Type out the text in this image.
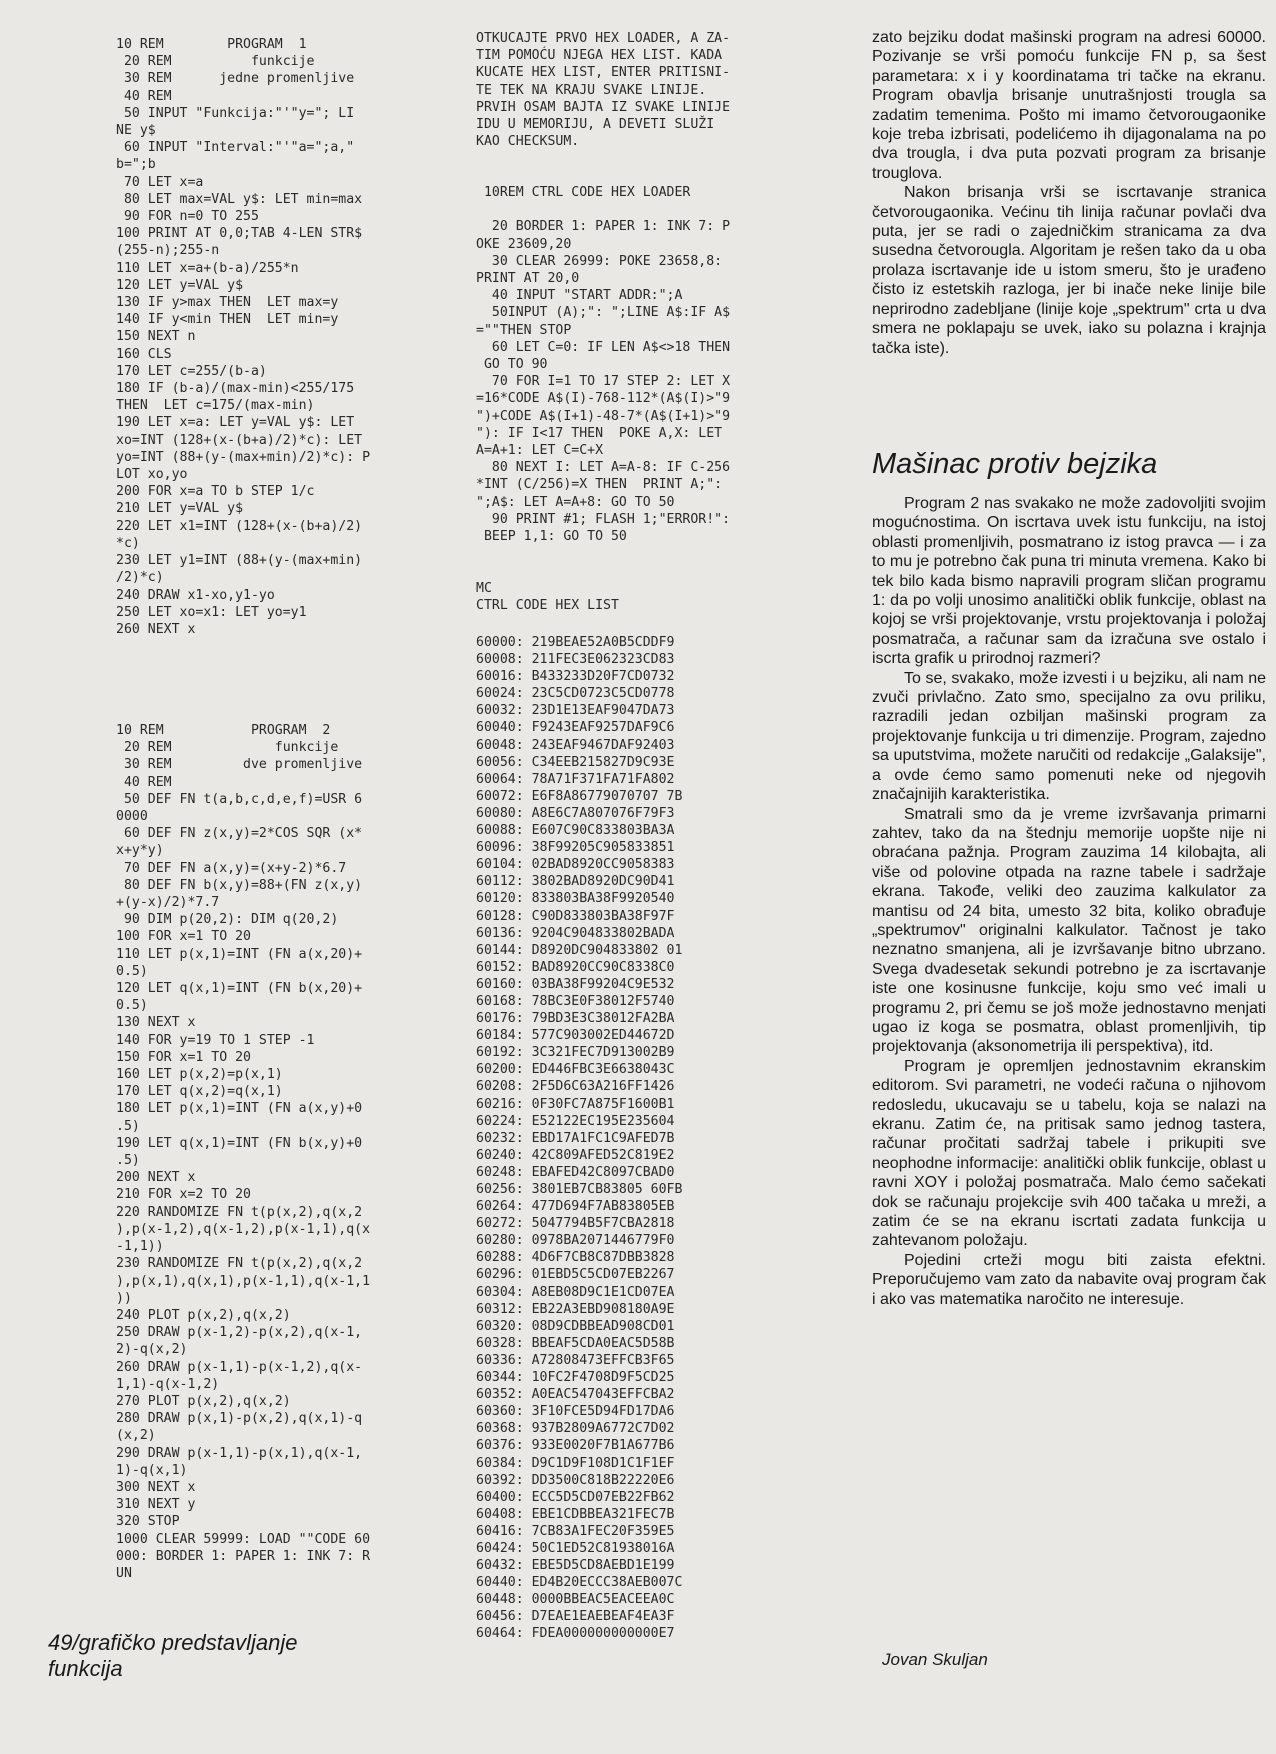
10 REM        PROGRAM  1
20 REM          funkcije
30 REM      jedne promenljive
40 REM
50 INPUT "Funkcija:"'"y="; LI
NE y$
60 INPUT "Interval:"'"a=";a,"
b=";b
70 LET x=a
80 LET max=VAL y$: LET min=max
90 FOR n=0 TO 255
100 PRINT AT 0,0;TAB 4-LEN STR$
(255-n);255-n
110 LET x=a+(b-a)/255*n
120 LET y=VAL y$
130 IF y>max THEN  LET max=y
140 IF y<min THEN  LET min=y
150 NEXT n
160 CLS
170 LET c=255/(b-a)
180 IF (b-a)/(max-min)<255/175
THEN  LET c=175/(max-min)
190 LET x=a: LET y=VAL y$: LET
xo=INT (128+(x-(b+a)/2)*c): LET
yo=INT (88+(y-(max+min)/2)*c): P
LOT xo,yo
200 FOR x=a TO b STEP 1/c
210 LET y=VAL y$
220 LET x1=INT (128+(x-(b+a)/2)
*c)
230 LET y1=INT (88+(y-(max+min)
/2)*c)
240 DRAW x1-xo,y1-yo
250 LET xo=x1: LET yo=y1
260 NEXT x
10 REM           PROGRAM  2
20 REM             funkcije
30 REM         dve promenljive
40 REM
50 DEF FN t(a,b,c,d,e,f)=USR 6
0000
60 DEF FN z(x,y)=2*COS SQR (x*
x+y*y)
70 DEF FN a(x,y)=(x+y-2)*6.7
80 DEF FN b(x,y)=88+(FN z(x,y)
+(y-x)/2)*7.7
90 DIM p(20,2): DIM q(20,2)
100 FOR x=1 TO 20
110 LET p(x,1)=INT (FN a(x,20)+
0.5)
120 LET q(x,1)=INT (FN b(x,20)+
0.5)
130 NEXT x
140 FOR y=19 TO 1 STEP -1
150 FOR x=1 TO 20
160 LET p(x,2)=p(x,1)
170 LET q(x,2)=q(x,1)
180 LET p(x,1)=INT (FN a(x,y)+0
.5)
190 LET q(x,1)=INT (FN b(x,y)+0
.5)
200 NEXT x
210 FOR x=2 TO 20
220 RANDOMIZE FN t(p(x,2),q(x,2
),p(x-1,2),q(x-1,2),p(x-1,1),q(x
-1,1))
230 RANDOMIZE FN t(p(x,2),q(x,2
),p(x,1),q(x,1),p(x-1,1),q(x-1,1
))
240 PLOT p(x,2),q(x,2)
250 DRAW p(x-1,2)-p(x,2),q(x-1,
2)-q(x,2)
260 DRAW p(x-1,1)-p(x-1,2),q(x-
1,1)-q(x-1,2)
270 PLOT p(x,2),q(x,2)
280 DRAW p(x,1)-p(x,2),q(x,1)-q
(x,2)
290 DRAW p(x-1,1)-p(x,1),q(x-1,
1)-q(x,1)
300 NEXT x
310 NEXT y
320 STOP
1000 CLEAR 59999: LOAD ""CODE 60
000: BORDER 1: PAPER 1: INK 7: R
UN
49/grafičko predstavljanje
funkcija
OTKUCAJTE PRVO HEX LOADER, A ZA-
TIM POMOĆU NJEGA HEX LIST. KADA
KUCATE HEX LIST, ENTER PRITISNI-
TE TEK NA KRAJU SVAKE LINIJE.
PRVIH OSAM BAJTA IZ SVAKE LINIJE
IDU U MEMORIJU, A DEVETI SLUŽI
KAO CHECKSUM.
10REM CTRL CODE HEX LOADER

20 BORDER 1: PAPER 1: INK 7: P
OKE 23609,20
30 CLEAR 26999: POKE 23658,8:
PRINT AT 20,0
40 INPUT "START ADDR:";A
50INPUT (A);": ";LINE A$:IF A$
=""THEN STOP
60 LET C=0: IF LEN A$<>18 THEN
GO TO 90
70 FOR I=1 TO 17 STEP 2: LET X
=16*CODE A$(I)-768-112*(A$(I)>"9
")+CODE A$(I+1)-48-7*(A$(I+1)>"9
"): IF I<17 THEN  POKE A,X: LET
A=A+1: LET C=C+X
80 NEXT I: LET A=A-8: IF C-256
*INT (C/256)=X THEN  PRINT A;":
";A$: LET A=A+8: GO TO 50
90 PRINT #1; FLASH 1;"ERROR!":
BEEP 1,1: GO TO 50
MC
CTRL CODE HEX LIST
60000: 219BEAE52A0B5CDDF9
60008: 211FEC3E062323CD83
60016: B433233D20F7CD0732
60024: 23C5CD0723C5CD0778
60032: 23D1E13EAF9047DA73
60040: F9243EAF9257DAF9C6
60048: 243EAF9467DAF92403
60056: C34EEB215827D9C93E
60064: 78A71F371FA71FA802
60072: E6F8A86779070707 7B
60080: A8E6C7A807076F79F3
60088: E607C90C833803BA3A
60096: 38F99205C905833851
60104: 02BAD8920CC9058383
60112: 3802BAD8920DC90D41
60120: 833803BA38F9920540
60128: C90D833803BA38F97F
60136: 9204C904833802BADA
60144: D8920DC904833802 01
60152: BAD8920CC90C8338C0
60160: 03BA38F99204C9E532
60168: 78BC3E0F38012F5740
60176: 79BD3E3C38012FA2BA
60184: 577C903002ED44672D
60192: 3C321FEC7D913002B9
60200: ED446FBC3E6638043C
60208: 2F5D6C63A216FF1426
60216: 0F30FC7A875F1600B1
60224: E52122EC195E235604
60232: EBD17A1FC1C9AFED7B
60240: 42C809AFED52C819E2
60248: EBAFED42C8097CBAD0
60256: 3801EB7CB83805 60FB
60264: 477D694F7AB83805EB
60272: 5047794B5F7CBA2818
60280: 0978BA2071446779F0
60288: 4D6F7CB8C87DBB3828
60296: 01EBD5C5CD07EB2267
60304: A8EB08D9C1E1CD07EA
60312: EB22A3EBD908180A9E
60320: 08D9CDBBEAD908CD01
60328: BBEAF5CDA0EAC5D58B
60336: A72808473EFFCB3F65
60344: 10FC2F4708D9F5CD25
60352: A0EAC547043EFFCBA2
60360: 3F10FCE5D94FD17DA6
60368: 937B2809A6772C7D02
60376: 933E0020F7B1A677B6
60384: D9C1D9F108D1C1F1EF
60392: DD3500C818B22220E6
60400: ECC5D5CD07EB22FB62
60408: EBE1CDBBEA321FEC7B
60416: 7CB83A1FEC20F359E5
60424: 50C1ED52C81938016A
60432: EBE5D5CD8AEBD1E199
60440: ED4B20ECCC38AEB007C
60448: 0000BBEAC5EACEEA0C
60456: D7EAE1EAEBEAF4EA3F
60464: FDEA000000000000E7

zato bejziku dodat mašinski program na adresi 60000. Pozivanje se vrši pomoću funkcije FN p, sa šest parametara: x i y koordinatama tri tačke na ekranu. Program obavlja brisanje unutrašnjosti trougla sa zadatim temenima. Pošto mi imamo četvorougaonike koje treba izbrisati, podelićemo ih dijagonalama na po dva trougla, i dva puta pozvati program za brisanje trouglova.

Nakon brisanja vrši se iscrtavanje stranica četvorougaonika. Većinu tih linija računar povlači dva puta, jer se radi o zajedničkim stranicama za dva susedna četvorougla. Algoritam je rešen tako da u oba prolaza iscrtavanje ide u istom smeru, što je urađeno čisto iz estetskih razloga, jer bi inače neke linije bile neprirodno zadebljane (linije koje „spektrum" crta u dva smera ne poklapaju se uvek, iako su polazna i krajnja tačka iste).

Mašinac protiv bejzika

Program 2 nas svakako ne može zadovoljiti svojim mogućnostima. On iscrtava uvek istu funkciju, na istoj oblasti promenljivih, posmatrano iz istog pravca — i za to mu je potrebno čak puna tri minuta vremena. Kako bi tek bilo kada bismo napravili program sličan programu 1: da po volji unosimo analitički oblik funkcije, oblast na kojoj se vrši projektovanje, vrstu projektovanja i položaj posmatrača, a računar sam da izračuna sve ostalo i iscrta grafik u prirodnoj razmeri?

To se, svakako, može izvesti i u bejziku, ali nam ne zvuči privlačno. Zato smo, specijalno za ovu priliku, razradili jedan ozbiljan mašinski program za projektovanje funkcija u tri dimenzije. Program, zajedno sa uputstvima, možete naručiti od redakcije „Galaksije", a ovde ćemo samo pomenuti neke od njegovih značajnijih karakteristika.

Smatrali smo da je vreme izvršavanja primarni zahtev, tako da na štednju memorije uopšte nije ni obraćana pažnja. Program zauzima 14 kilobajta, ali više od polovine otpada na razne tabele i sadržaje ekrana. Takođe, veliki deo zauzima kalkulator za mantisu od 24 bita, umesto 32 bita, koliko obrađuje „spektrumov" originalni kalkulator. Tačnost je tako neznatno smanjena, ali je izvršavanje bitno ubrzano. Svega dvadesetak sekundi potrebno je za iscrtavanje iste one kosinusne funkcije, koju smo već imali u programu 2, pri čemu se još može jednostavno menjati ugao iz koga se posmatra, oblast promenljivih, tip projektovanja (aksonometrija ili perspektiva), itd.

Program je opremljen jednostavnim ekranskim editorom. Svi parametri, ne vodeći računa o njihovom redosledu, ukucavaju se u tabelu, koja se nalazi na ekranu. Zatim će, na pritisak samo jednog tastera, računar pročitati sadržaj tabele i prikupiti sve neophodne informacije: analitički oblik funkcije, oblast u ravni XOY i položaj posmatrača. Malo ćemo sačekati dok se računaju projekcije svih 400 tačaka u mreži, a zatim će se na ekranu iscrtati zadata funkcija u zahtevanom položaju.

Pojedini crteži mogu biti zaista efektni. Preporučujemo vam zato da nabavite ovaj program čak i ako vas matematika naročito ne interesuje.

Jovan Skuljan
